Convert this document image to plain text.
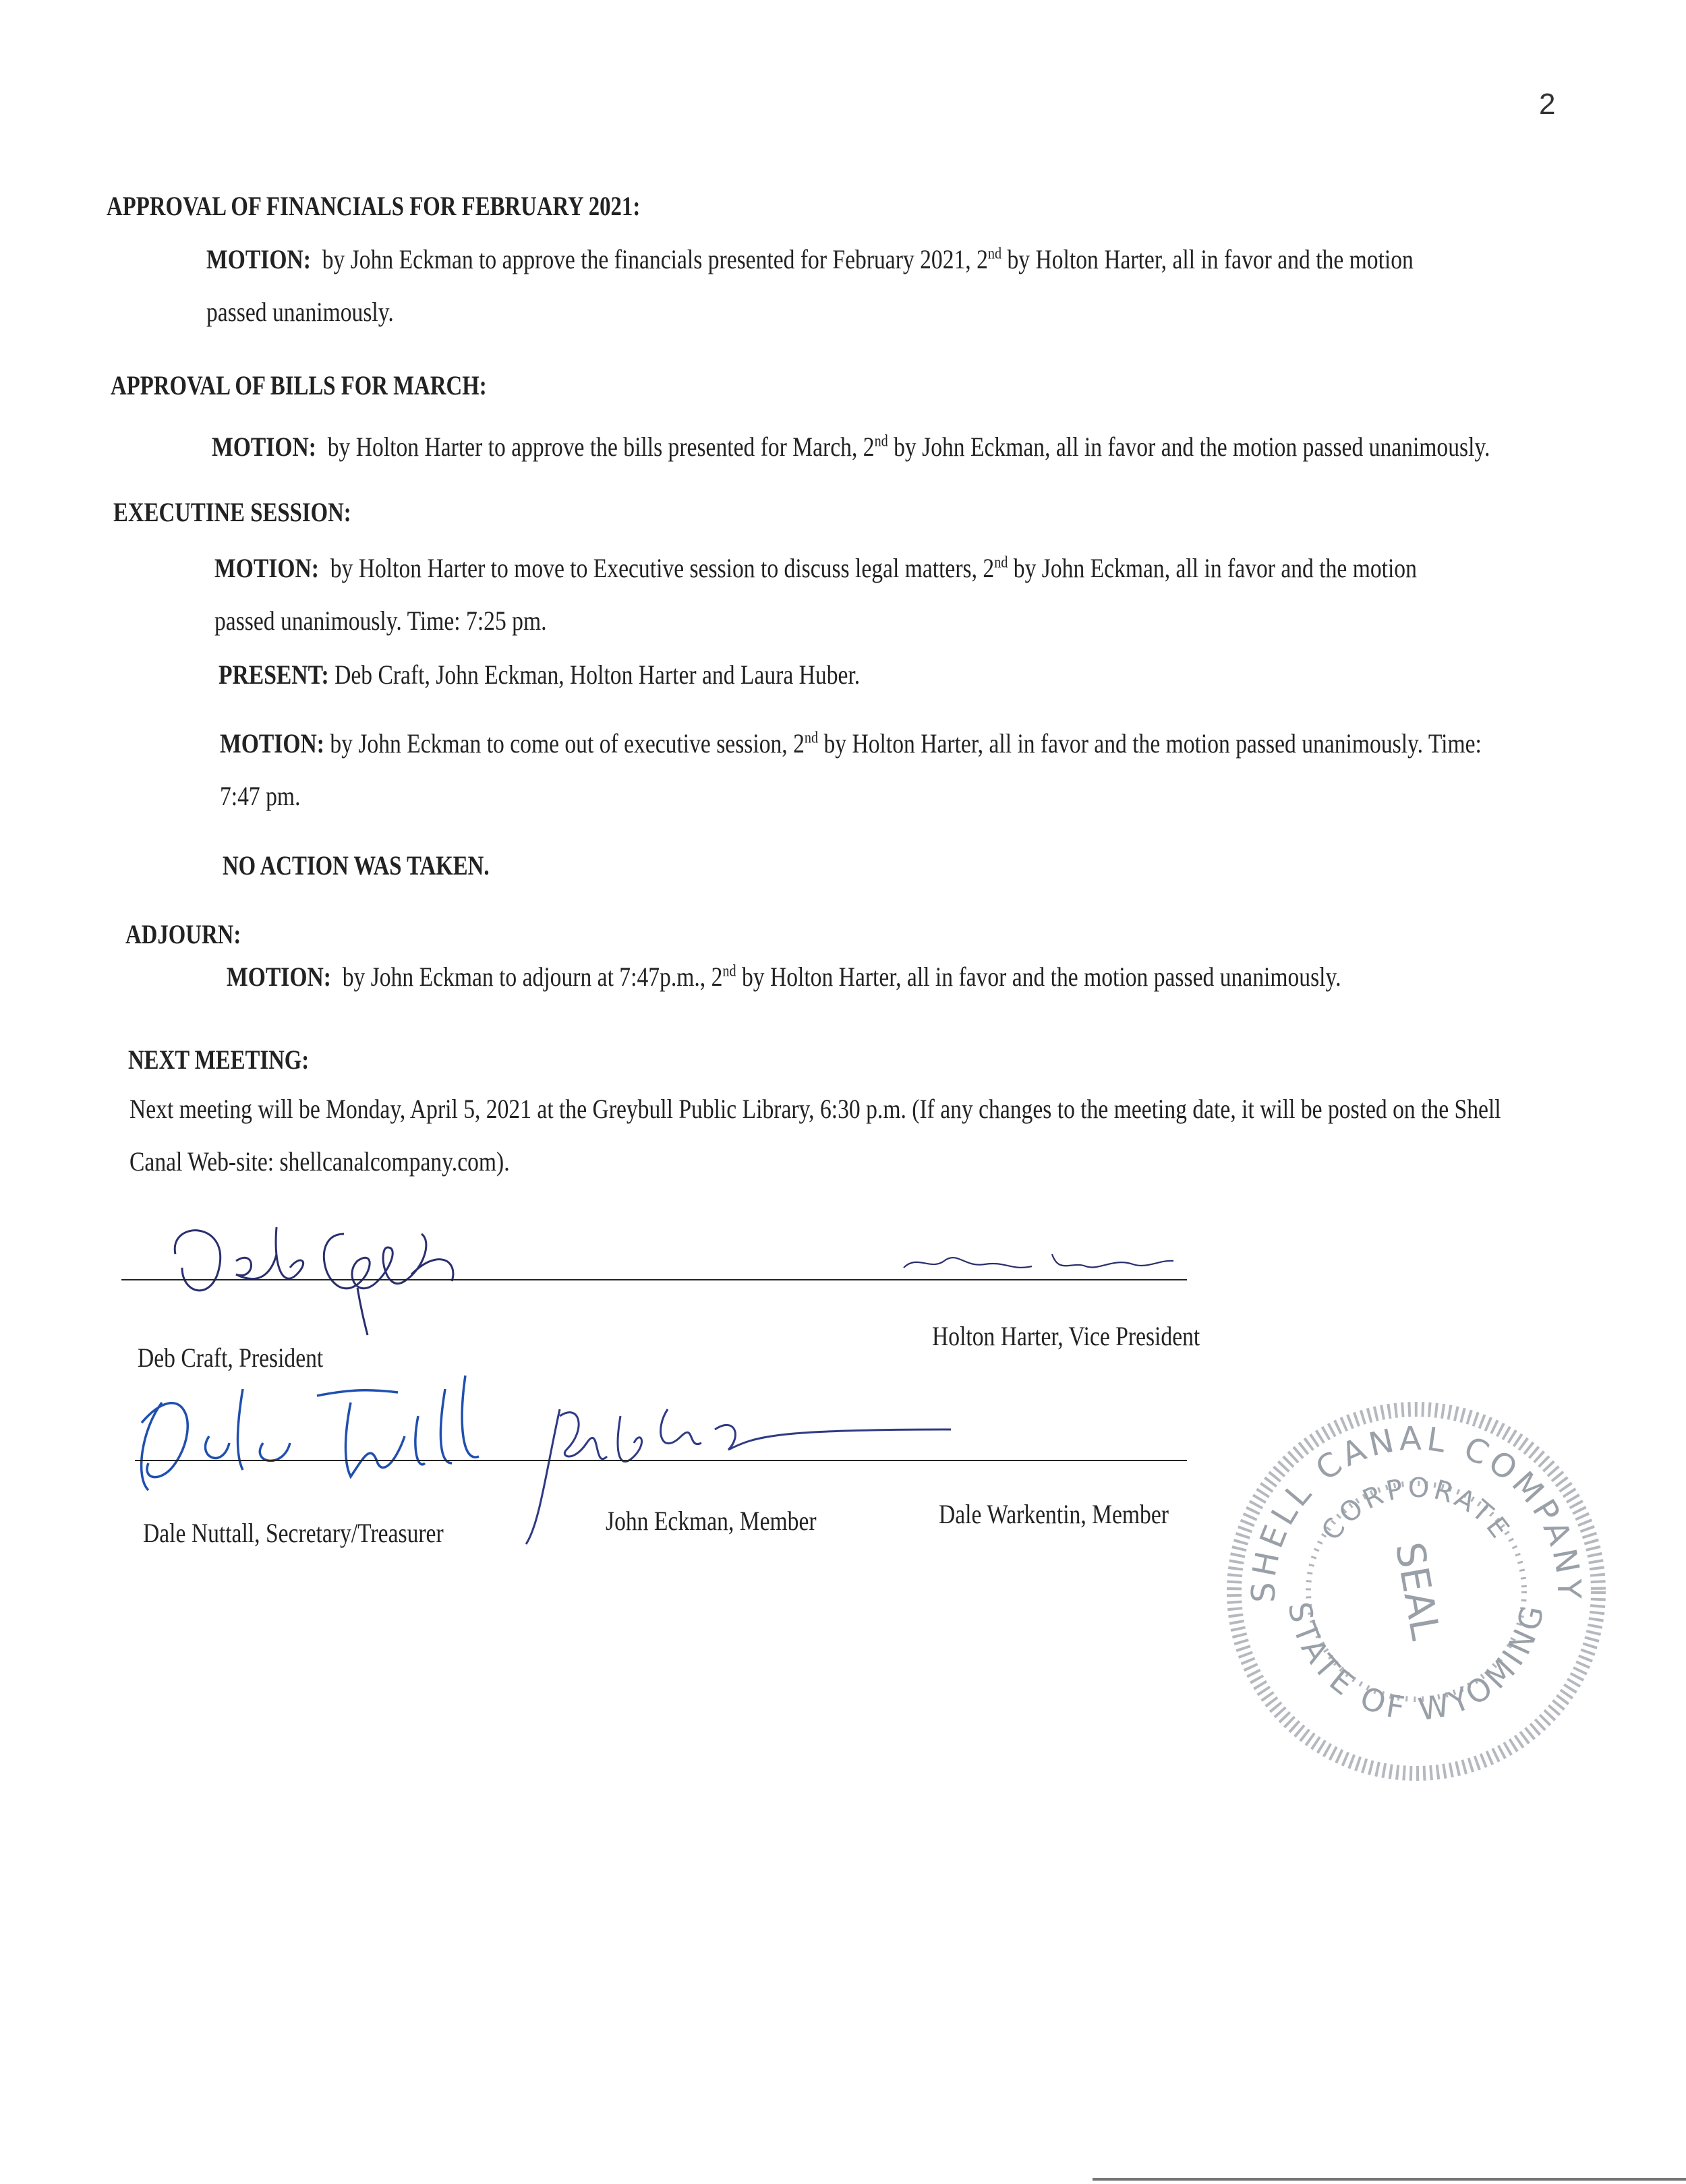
2
APPROVAL OF FINANCIALS FOR FEBRUARY 2021:
MOTION: by John Eckman to approve the financials presented for February 2021, 2nd by Holton Harter, all in favor and the motion passed unanimously.
APPROVAL OF BILLS FOR MARCH:
MOTION: by Holton Harter to approve the bills presented for March, 2nd by John Eckman, all in favor and the motion passed unanimously.
EXECUTINE SESSION:
MOTION: by Holton Harter to move to Executive session to discuss legal matters, 2nd by John Eckman, all in favor and the motion passed unanimously. Time: 7:25 pm.
PRESENT: Deb Craft, John Eckman, Holton Harter and Laura Huber.
MOTION: by John Eckman to come out of executive session, 2nd by Holton Harter, all in favor and the motion passed unanimously. Time: 7:47 pm.
NO ACTION WAS TAKEN.
ADJOURN:
MOTION: by John Eckman to adjourn at 7:47p.m., 2nd by Holton Harter, all in favor and the motion passed unanimously.
NEXT MEETING:
Next meeting will be Monday, April 5, 2021 at the Greybull Public Library, 6:30 p.m. (If any changes to the meeting date, it will be posted on the Shell Canal Web-site: shellcanalcompany.com).
Deb Craft, President
Holton Harter, Vice President
Dale Nuttall, Secretary/Treasurer	John Eckman, Member	Dale Warkentin, Member
SHELL CANAL COMPANY
CORPORATE
STATE OF WYOMING
SEAL
